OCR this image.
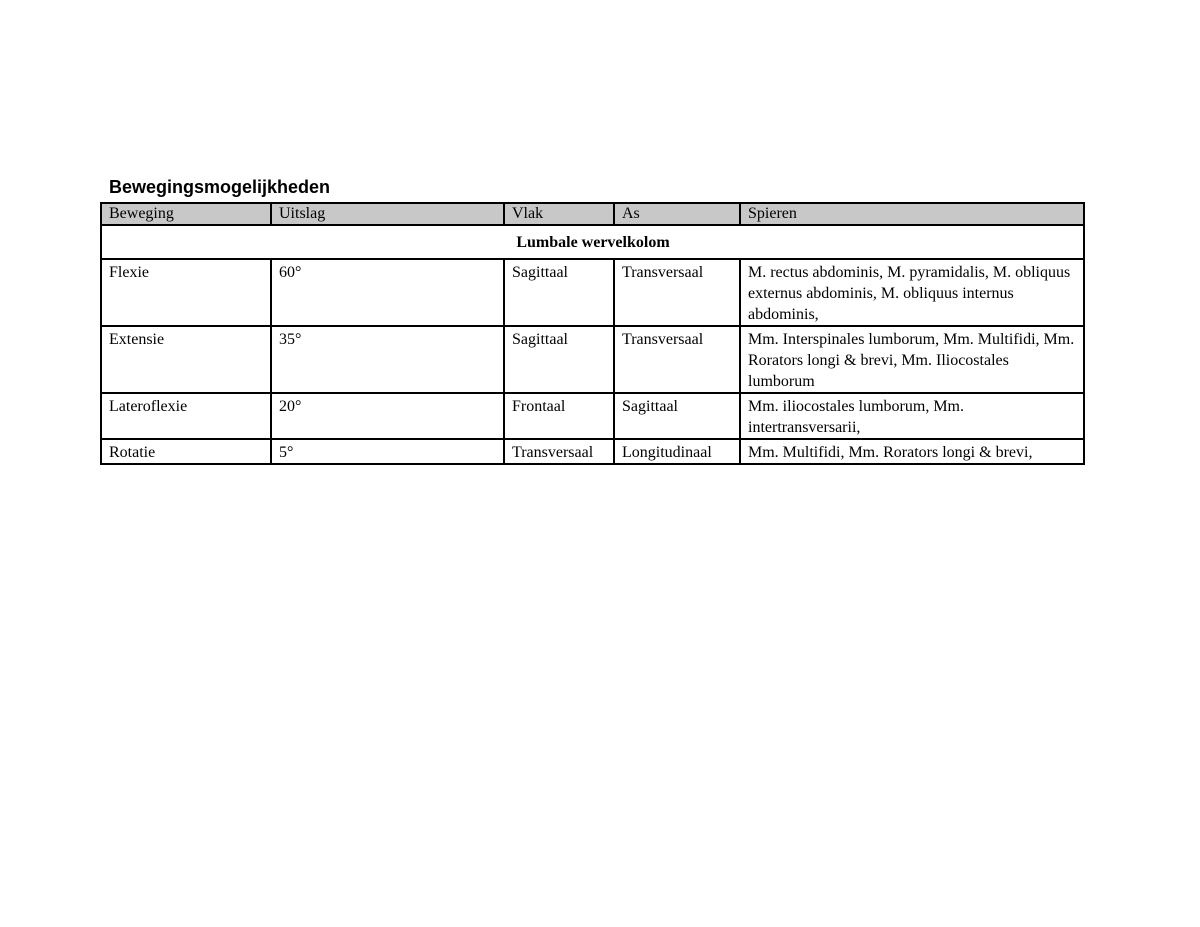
Bewegingsmogelijkheden
Beweging	Uitslag	Vlak	As	Spieren
Lumbale wervelkolom				
Flexie	60°	Sagittaal	Transversaal	M. rectus abdominis, M. pyramidalis, M. obliquus externus abdominis, M. obliquus internus abdominis,
Extensie	35°	Sagittaal	Transversaal	Mm. Interspinales lumborum, Mm. Multifidi, Mm. Rorators longi & brevi, Mm. Iliocostales lumborum
Lateroflexie	20°	Frontaal	Sagittaal	Mm. iliocostales lumborum, Mm. intertransversarii,
Rotatie	5°	Transversaal	Longitudinaal	Mm. Multifidi, Mm. Rorators longi & brevi,
